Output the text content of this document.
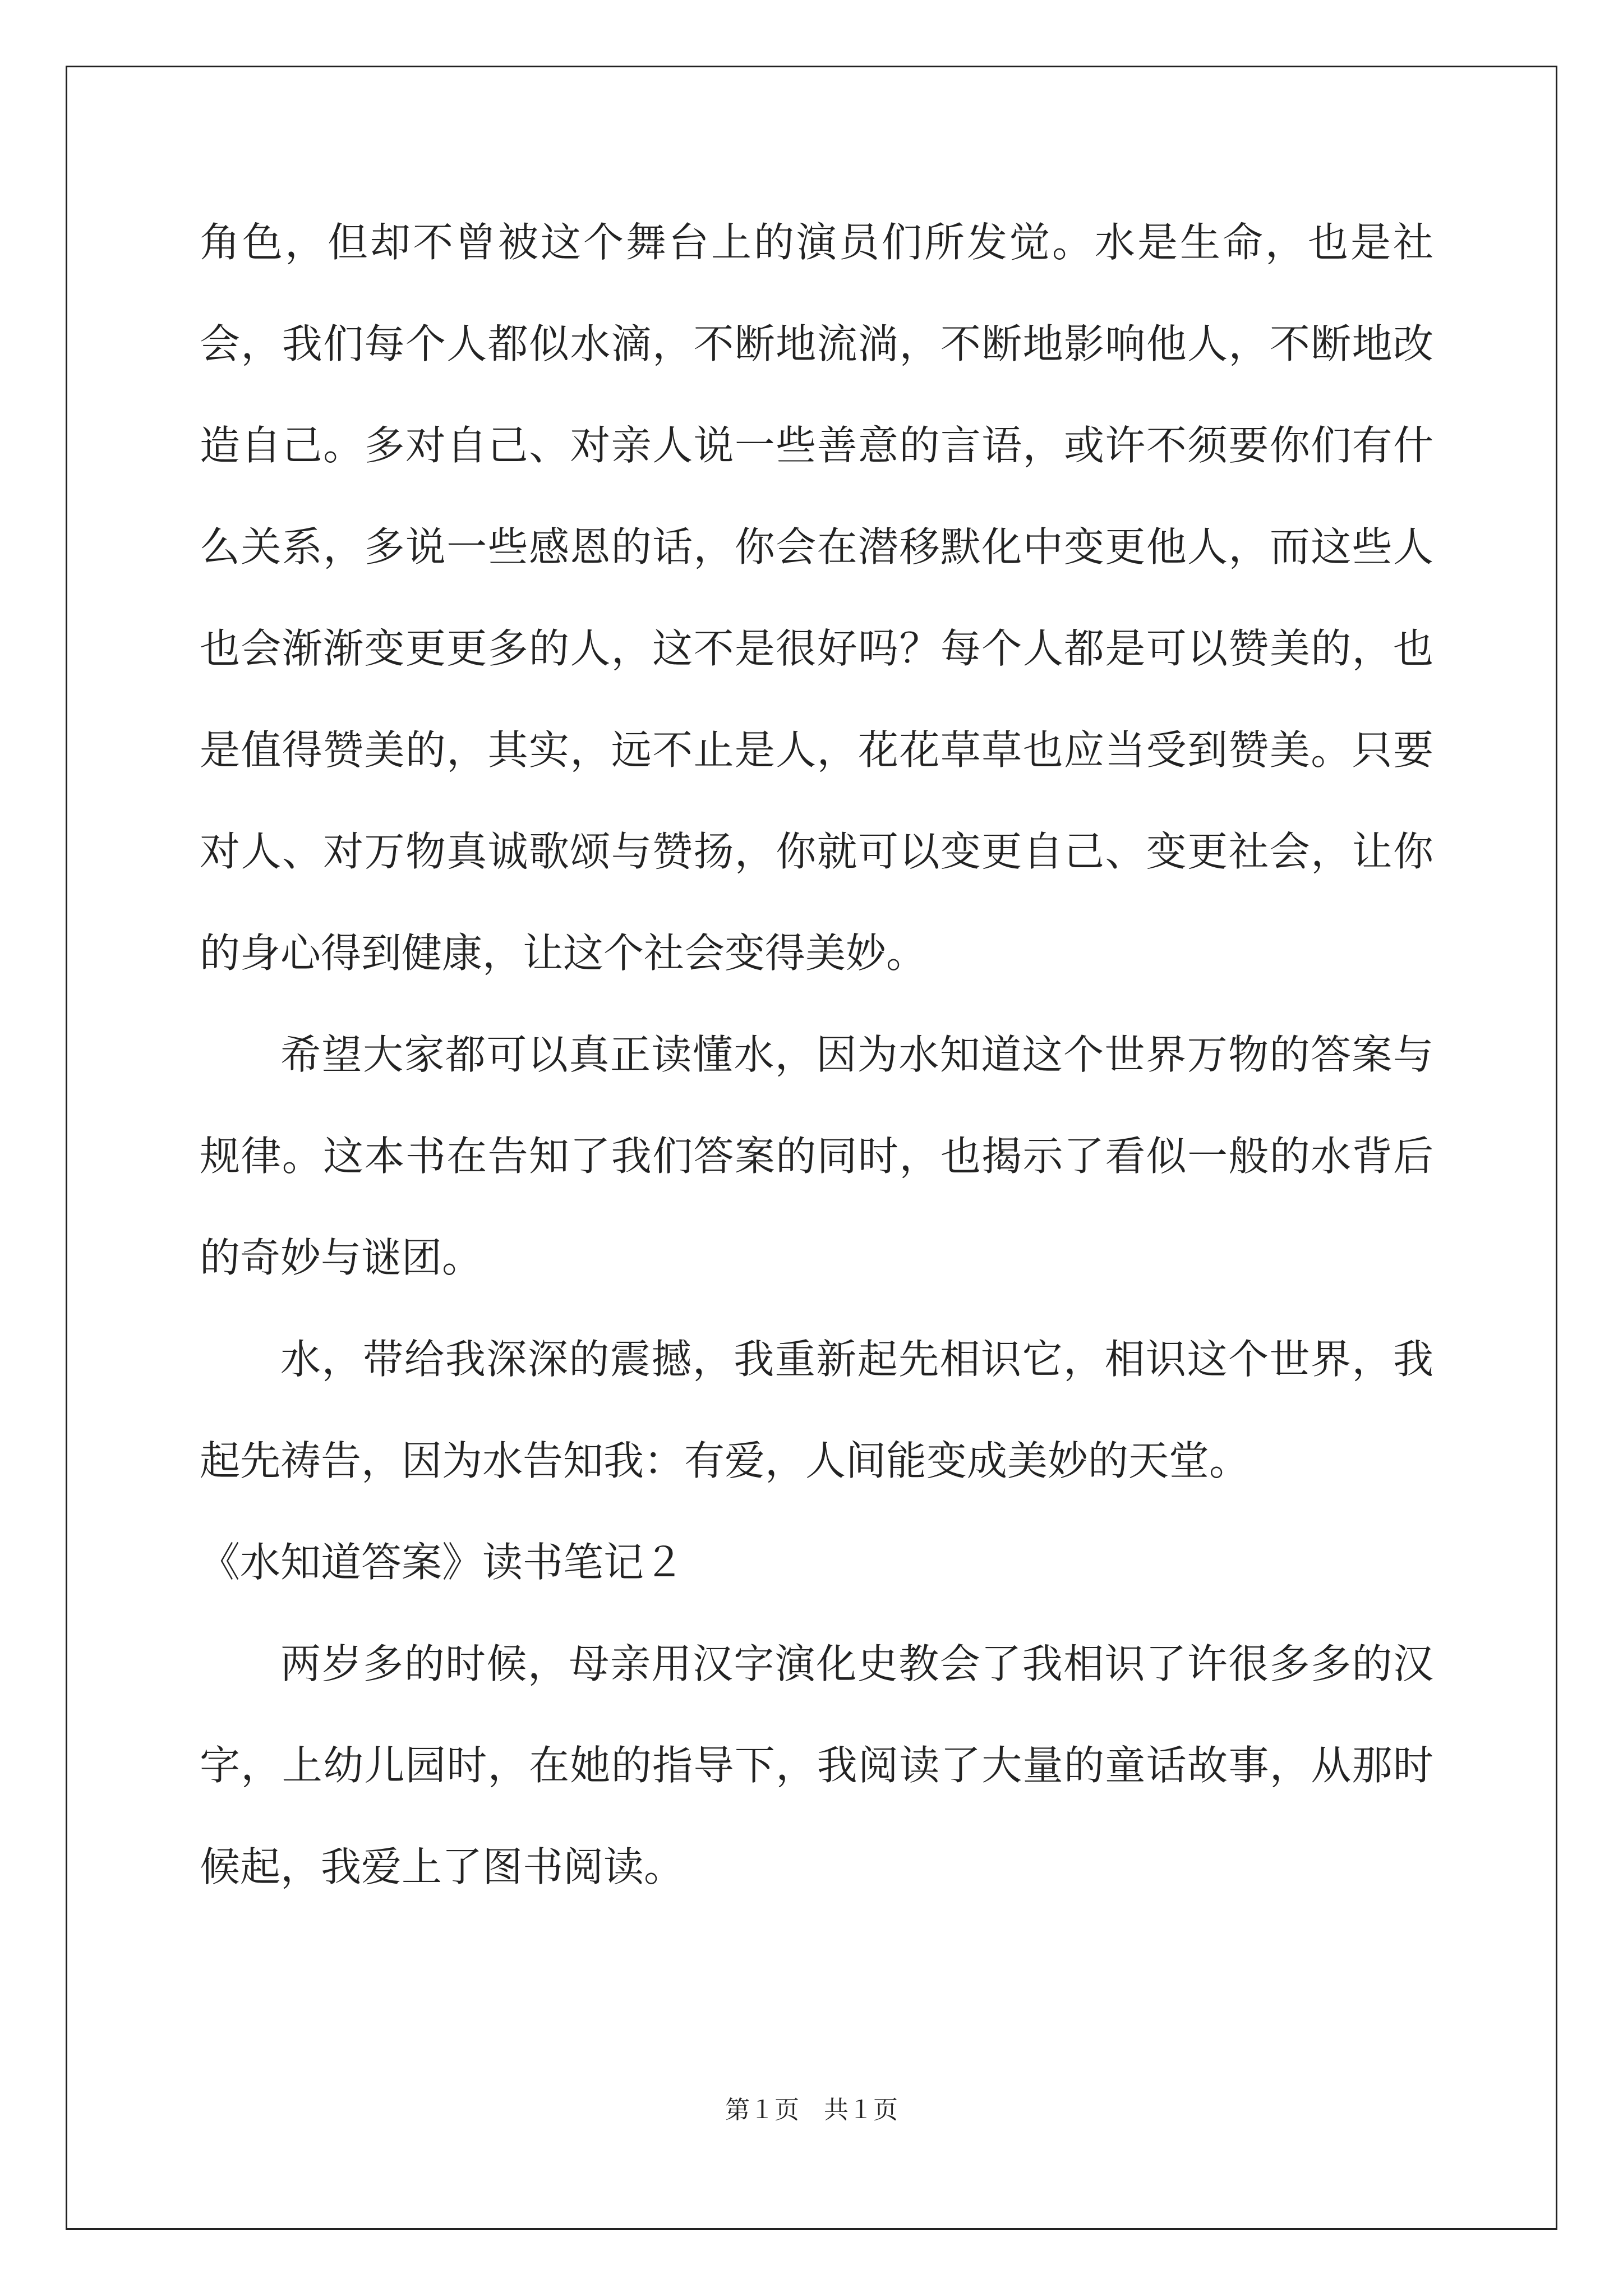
角色，但却不曾被这个舞台上的演员们所发觉。水是生命，也是社会，我们每个人都似水滴，不断地流淌，不断地影响他人，不断地改造自己。多对自己、对亲人说一些善意的言语，或许不须要你们有什么关系，多说一些感恩的话，你会在潜移默化中变更他人，而这些人也会渐渐变更更多的人，这不是很好吗？每个人都是可以赞美的，也是值得赞美的，其实，远不止是人，花花草草也应当受到赞美。只要对人、对万物真诚歌颂与赞扬，你就可以变更自己、变更社会，让你的身心得到健康，让这个社会变得美妙。

希望大家都可以真正读懂水，因为水知道这个世界万物的答案与规律。这本书在告知了我们答案的同时，也揭示了看似一般的水背后的奇妙与谜团。

水，带给我深深的震撼，我重新起先相识它，相识这个世界，我起先祷告，因为水告知我：有爱，人间能变成美妙的天堂。

《水知道答案》读书笔记２

两岁多的时候，母亲用汉字演化史教会了我相识了许很多多的汉字，上幼儿园时，在她的指导下，我阅读了大量的童话故事，从那时候起，我爱上了图书阅读。

第１页　共１页
